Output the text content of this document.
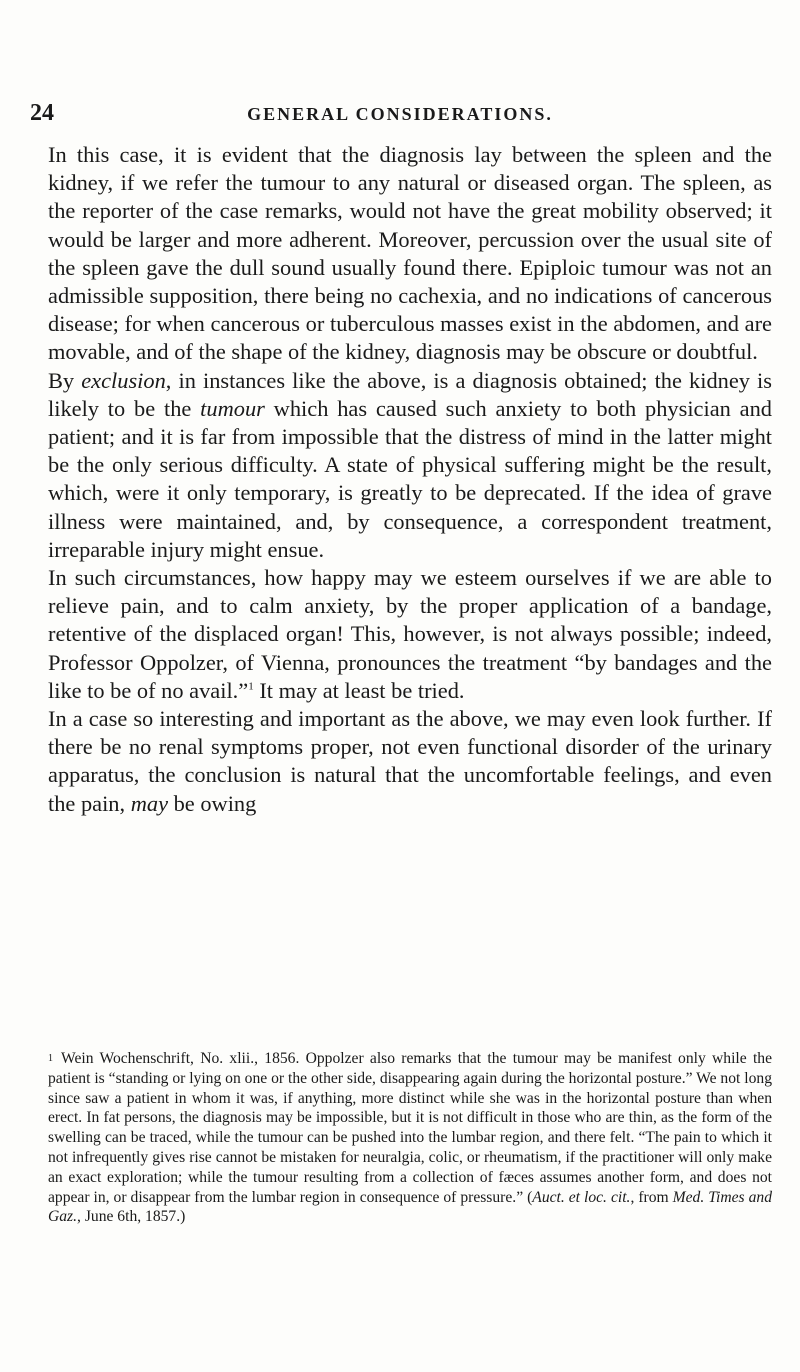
24	GENERAL CONSIDERATIONS.

In this case, it is evident that the diagnosis lay between the spleen and the kidney, if we refer the tumour to any natural or diseased organ. The spleen, as the reporter of the case remarks, would not have the great mobility observed; it would be larger and more adherent. Moreover, percussion over the usual site of the spleen gave the dull sound usually found there. Epiploic tumour was not an admissible supposition, there being no cachexia, and no indications of cancerous disease; for when cancerous or tuberculous masses exist in the abdomen, and are movable, and of the shape of the kidney, diagnosis may be obscure or doubtful.

By exclusion, in instances like the above, is a diagnosis obtained; the kidney is likely to be the tumour which has caused such anxiety to both physician and patient; and it is far from impossible that the distress of mind in the latter might be the only serious difficulty. A state of physical suffering might be the result, which, were it only temporary, is greatly to be deprecated. If the idea of grave illness were maintained, and, by consequence, a correspondent treatment, irreparable injury might ensue.

In such circumstances, how happy may we esteem ourselves if we are able to relieve pain, and to calm anxiety, by the proper application of a bandage, retentive of the displaced organ! This, however, is not always possible; indeed, Professor Oppolzer, of Vienna, pronounces the treatment “by bandages and the like to be of no avail.”$^1$ It may at least be tried.

In a case so interesting and important as the above, we may even look further. If there be no renal symptoms proper, not even functional disorder of the urinary apparatus, the conclusion is natural that the uncomfortable feelings, and even the pain, may be owing

$^1$ Wein Wochenschrift, No. xlii., 1856. Oppolzer also remarks that the tumour may be manifest only while the patient is “standing or lying on one or the other side, disappearing again during the horizontal posture.” We not long since saw a patient in whom it was, if anything, more distinct while she was in the horizontal posture than when erect. In fat persons, the diagnosis may be impossible, but it is not difficult in those who are thin, as the form of the swelling can be traced, while the tumour can be pushed into the lumbar region, and there felt. “The pain to which it not infrequently gives rise cannot be mistaken for neuralgia, colic, or rheumatism, if the practitioner will only make an exact exploration; while the tumour resulting from a collection of fæces assumes another form, and does not appear in, or disappear from the lumbar region in consequence of pressure.” (Auct. et loc. cit., from Med. Times and Gaz., June 6th, 1857.)
